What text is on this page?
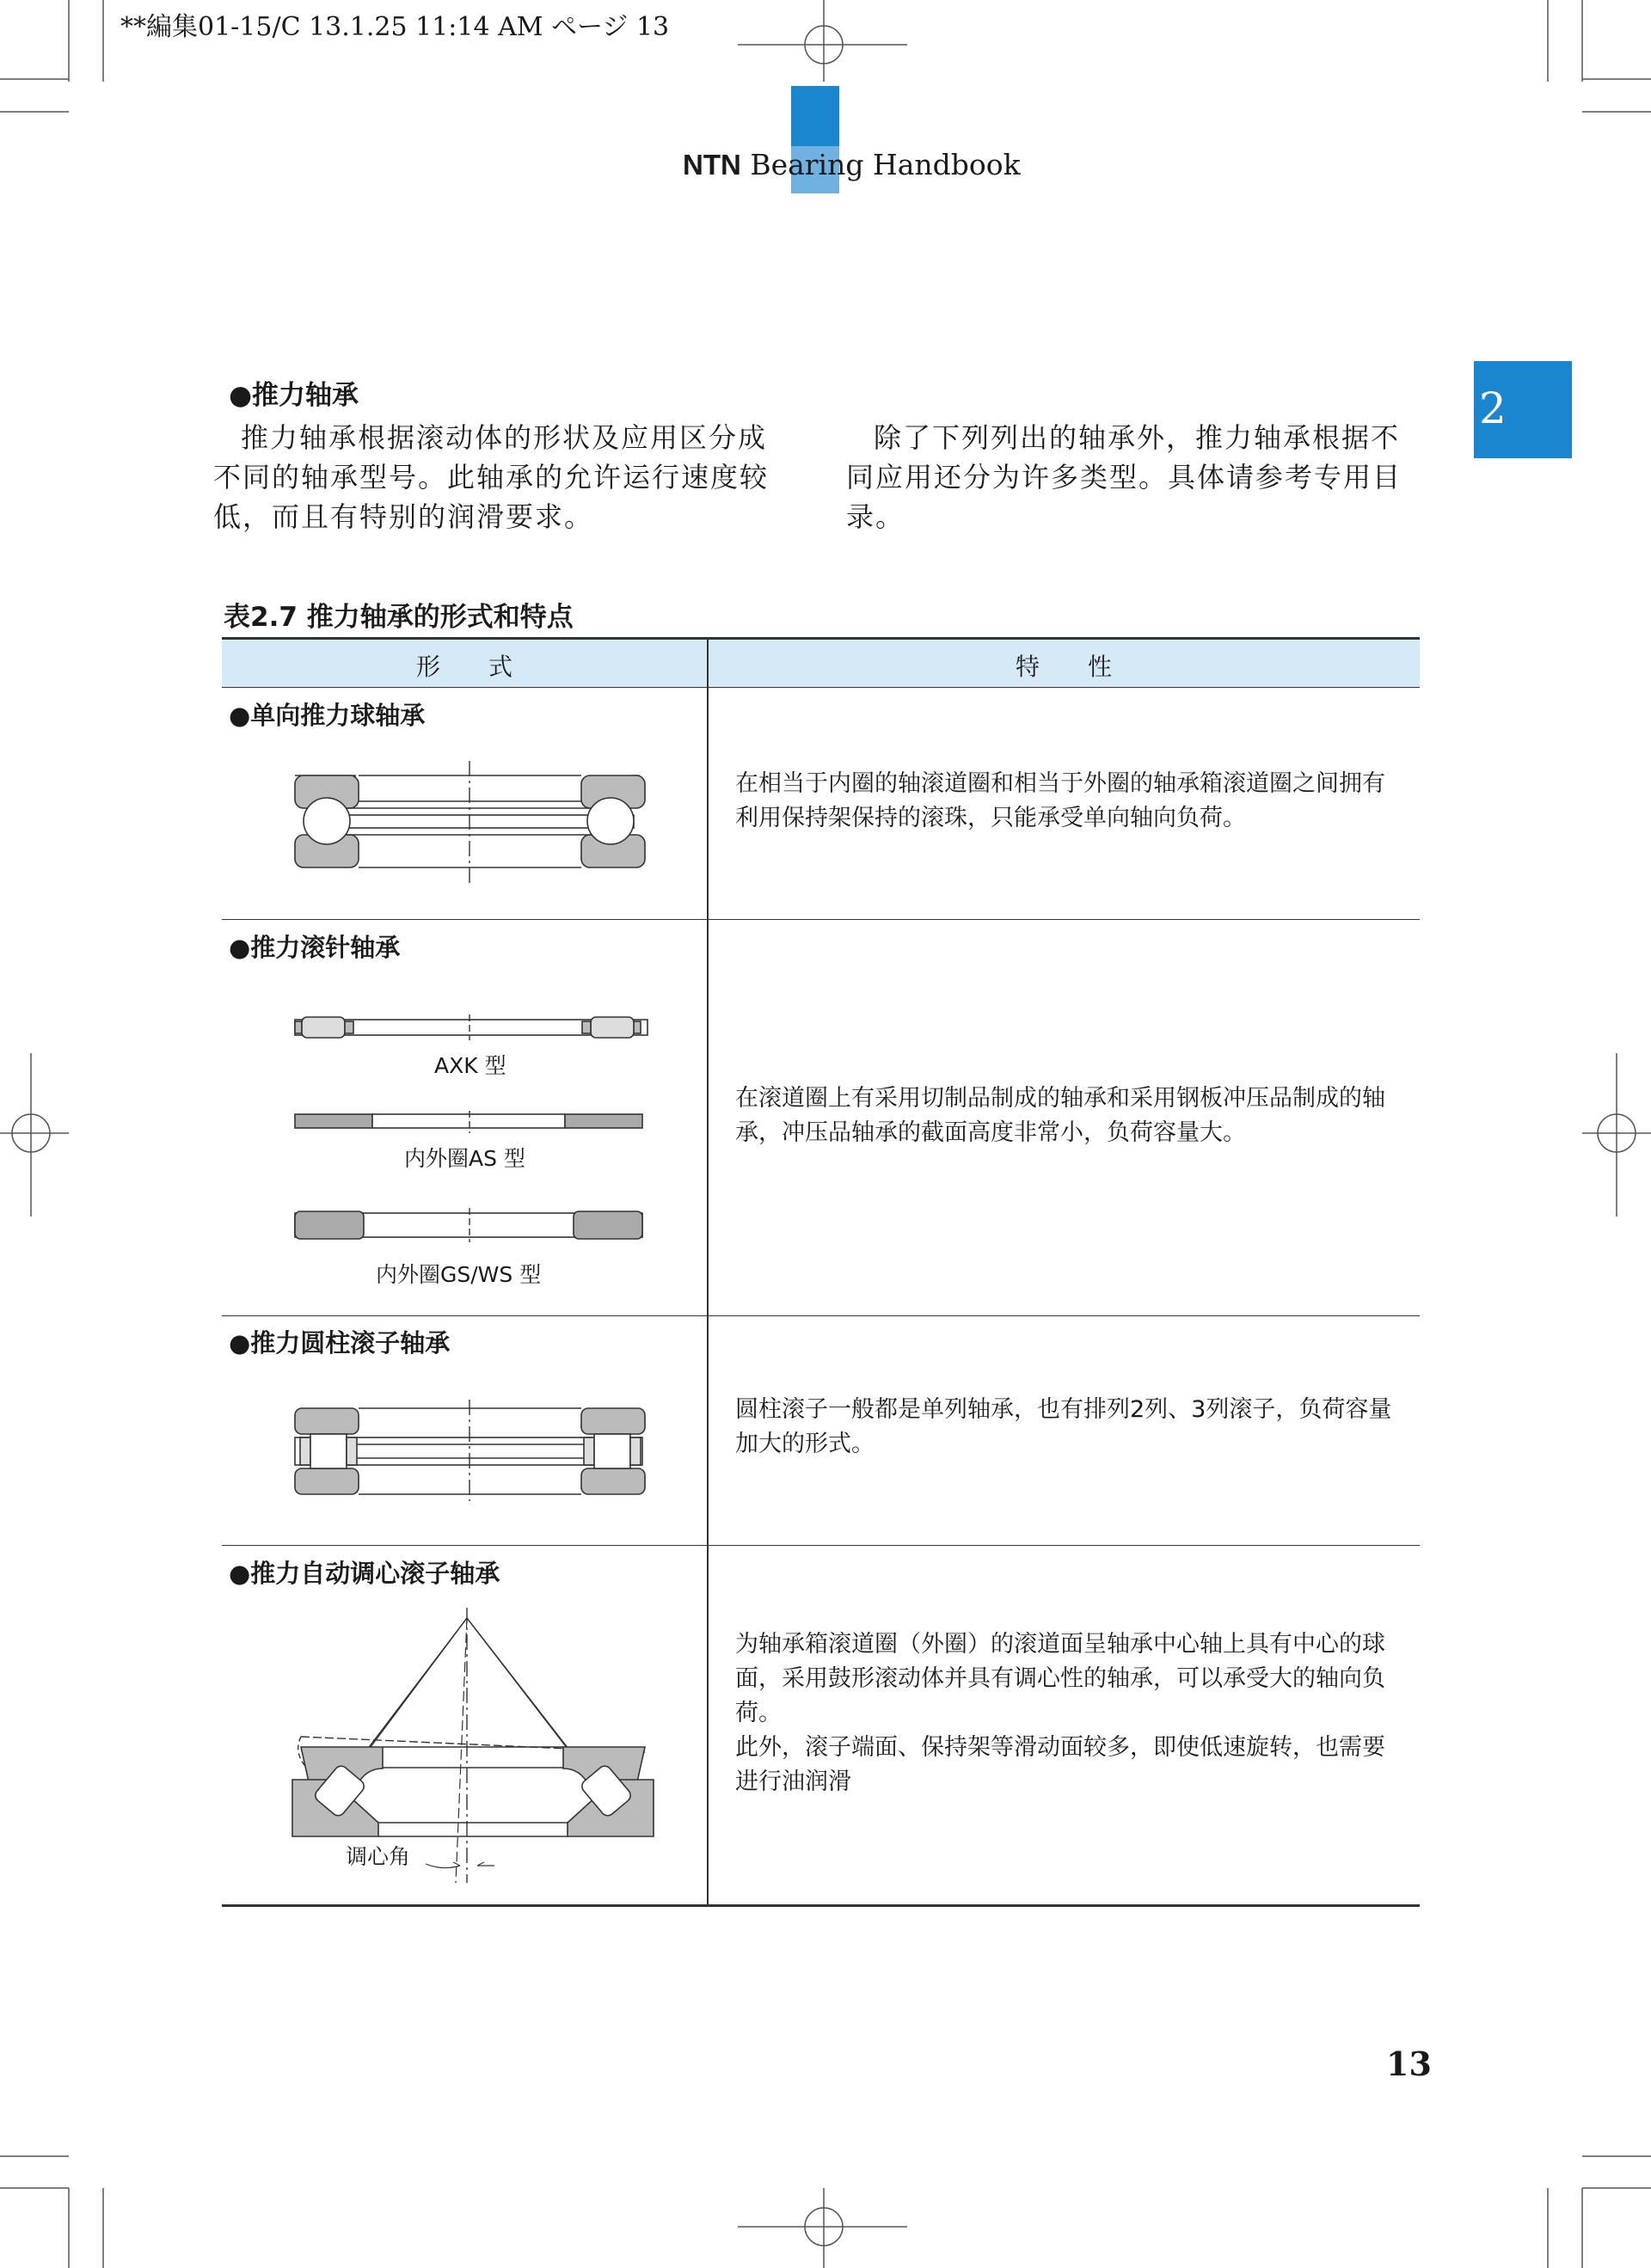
**編集01-15/C 13.1.25 11:14 AM ページ 13
NTN Bearing Handbook
2
●推力轴承
推力轴承根据滚动体的形状及应用区分成不同的轴承型号。此轴承的允许运行速度较低，而且有特别的润滑要求。
除了下列列出的轴承外，推力轴承根据不同应用还分为许多类型。具体请参考专用目录。
表2.7 推力轴承的形式和特点
形　　式	特　　性
●单向推力球轴承
在相当于内圈的轴滚道圈和相当于外圈的轴承箱滚道圈之间拥有利用保持架保持的滚珠，只能承受单向轴向负荷。
●推力滚针轴承
AXK 型
内外圈AS 型
内外圈GS/WS 型
在滚道圈上有采用切制品制成的轴承和采用钢板冲压品制成的轴承，冲压品轴承的截面高度非常小，负荷容量大。
●推力圆柱滚子轴承
圆柱滚子一般都是单列轴承，也有排列2列、3列滚子，负荷容量加大的形式。
●推力自动调心滚子轴承
调心角
为轴承箱滚道圈（外圈）的滚道面呈轴承中心轴上具有中心的球面，采用鼓形滚动体并具有调心性的轴承，可以承受大的轴向负荷。
此外，滚子端面、保持架等滑动面较多，即使低速旋转，也需要进行油润滑
13
